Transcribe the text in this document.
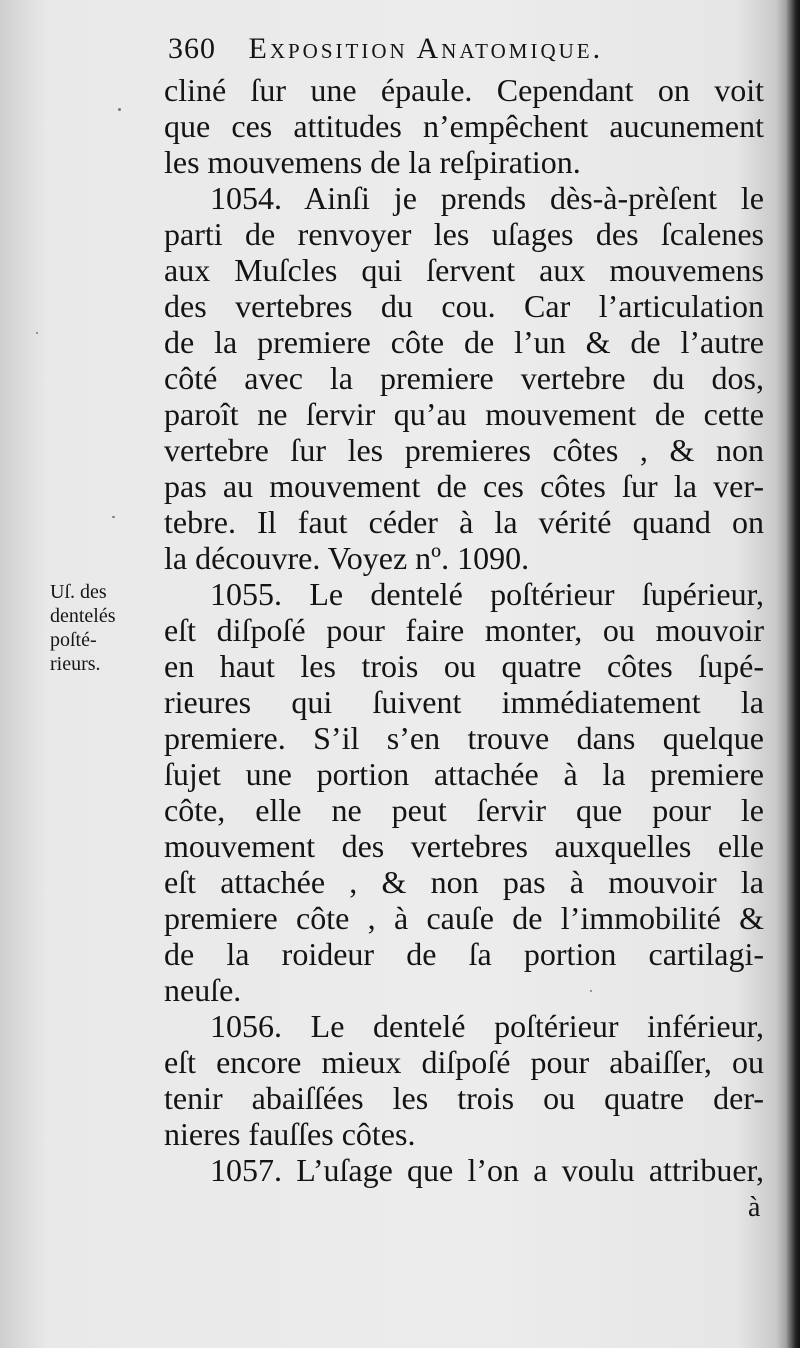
360 Exposition Anatomique.
cliné ſur une épaule. Cependant on voit
que ces attitudes n’empêchent aucunement
les mouvemens de la reſpiration.
1054. Ainſi je prends dès-à-prèſent le
parti de renvoyer les uſages des ſcalenes
aux Muſcles qui ſervent aux mouvemens
des vertebres du cou. Car l’articulation
de la premiere côte de l’un & de l’autre
côté avec la premiere vertebre du dos,
paroît ne ſervir qu’au mouvement de cette
vertebre ſur les premieres côtes , & non
pas au mouvement de ces côtes ſur la ver-
tebre. Il faut céder à la vérité quand on
la découvre. Voyez nº. 1090.
1055. Le dentelé poſtérieur ſupérieur,
eſt diſpoſé pour faire monter, ou mouvoir
en haut les trois ou quatre côtes ſupé-
rieures qui ſuivent immédiatement la
premiere. S’il s’en trouve dans quelque
ſujet une portion attachée à la premiere
côte, elle ne peut ſervir que pour le
mouvement des vertebres auxquelles elle
eſt attachée , & non pas à mouvoir la
premiere côte , à cauſe de l’immobilité &
de la roideur de ſa portion cartilagi-
neuſe.
1056. Le dentelé poſtérieur inférieur,
eſt encore mieux diſpoſé pour abaiſſer, ou
tenir abaiſſées les trois ou quatre der-
nieres fauſſes côtes.
1057. L’uſage que l’on a voulu attribuer,
Uſ. des
dentelés
poſté-
rieurs.
à
